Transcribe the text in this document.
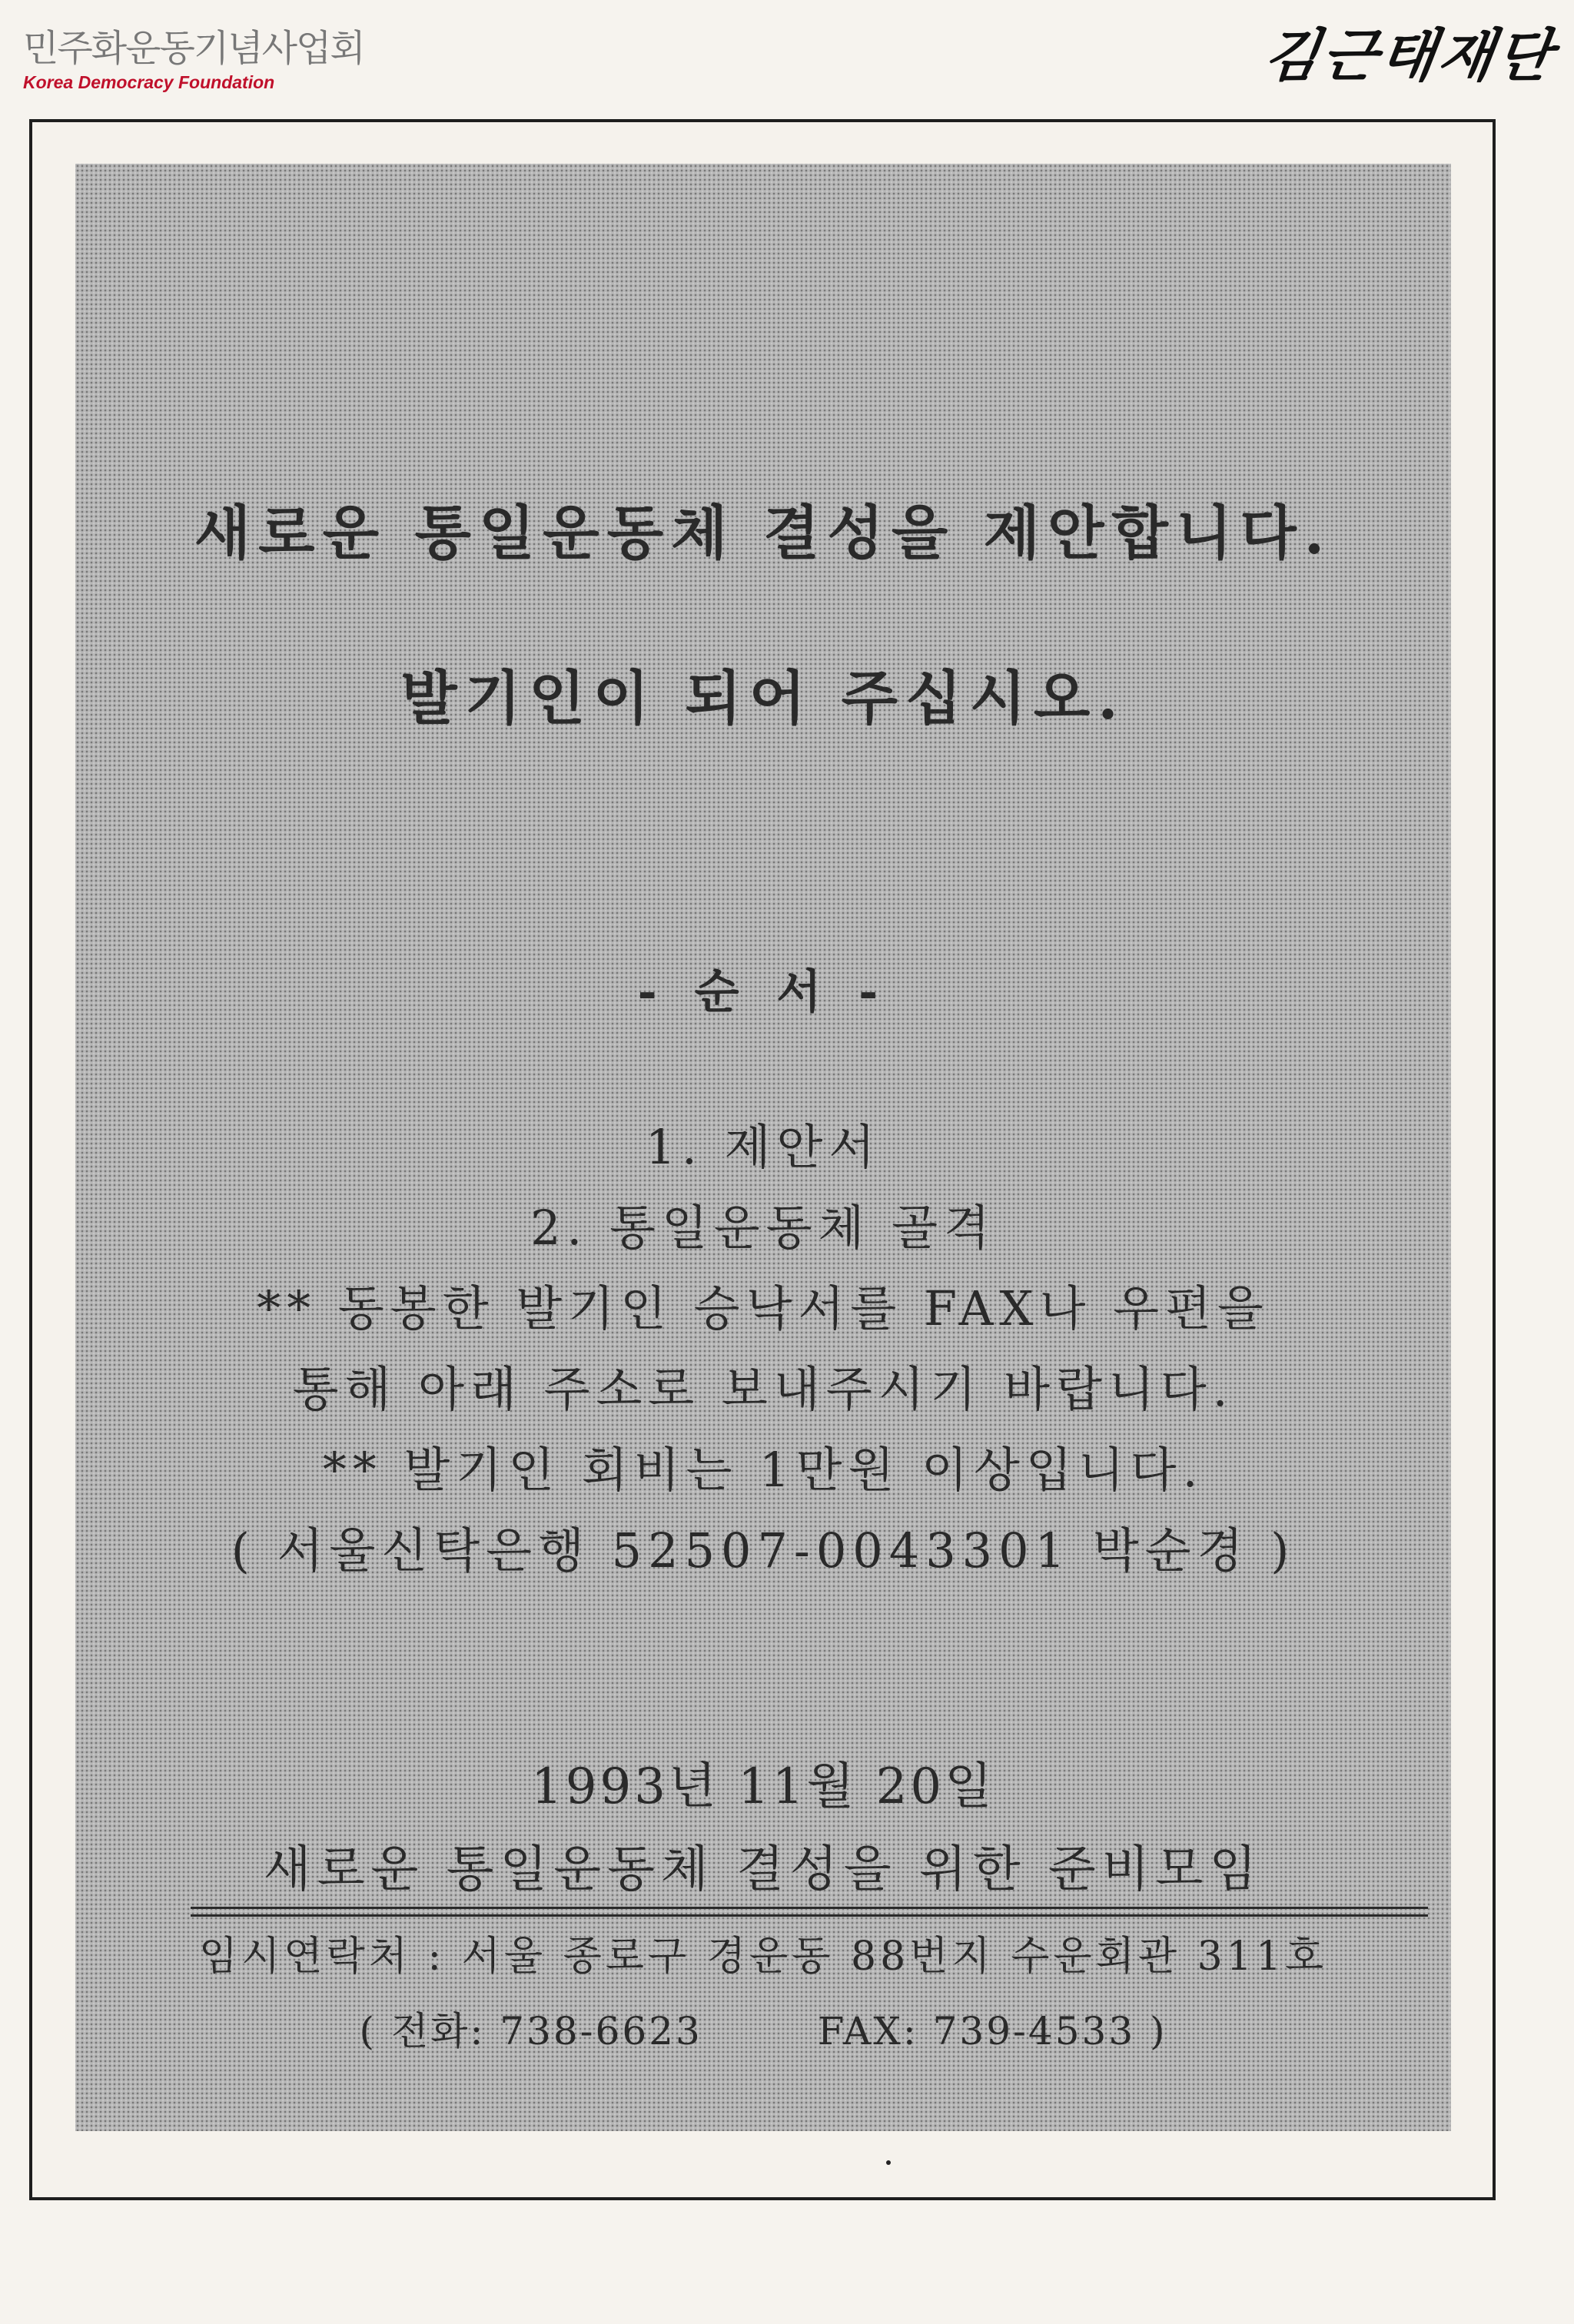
민주화운동기념사업회
Korea Democracy Foundation	김근태재단
새로운 통일운동체 결성을 제안합니다.
발기인이 되어 주십시오.
- 순 서 -
1. 제안서
2. 통일운동체 골격
** 동봉한 발기인 승낙서를 FAX나 우편을
통해 아래 주소로 보내주시기 바랍니다.
** 발기인 회비는 1만원 이상입니다.
( 서울신탁은행 52507-0043301 박순경 )
1993년 11월 20일
새로운 통일운동체 결성을 위한 준비모임
임시연락처 : 서울 종로구 경운동 88번지 수운회관 311호
( 전화: 738-6623	FAX: 739-4533 )
